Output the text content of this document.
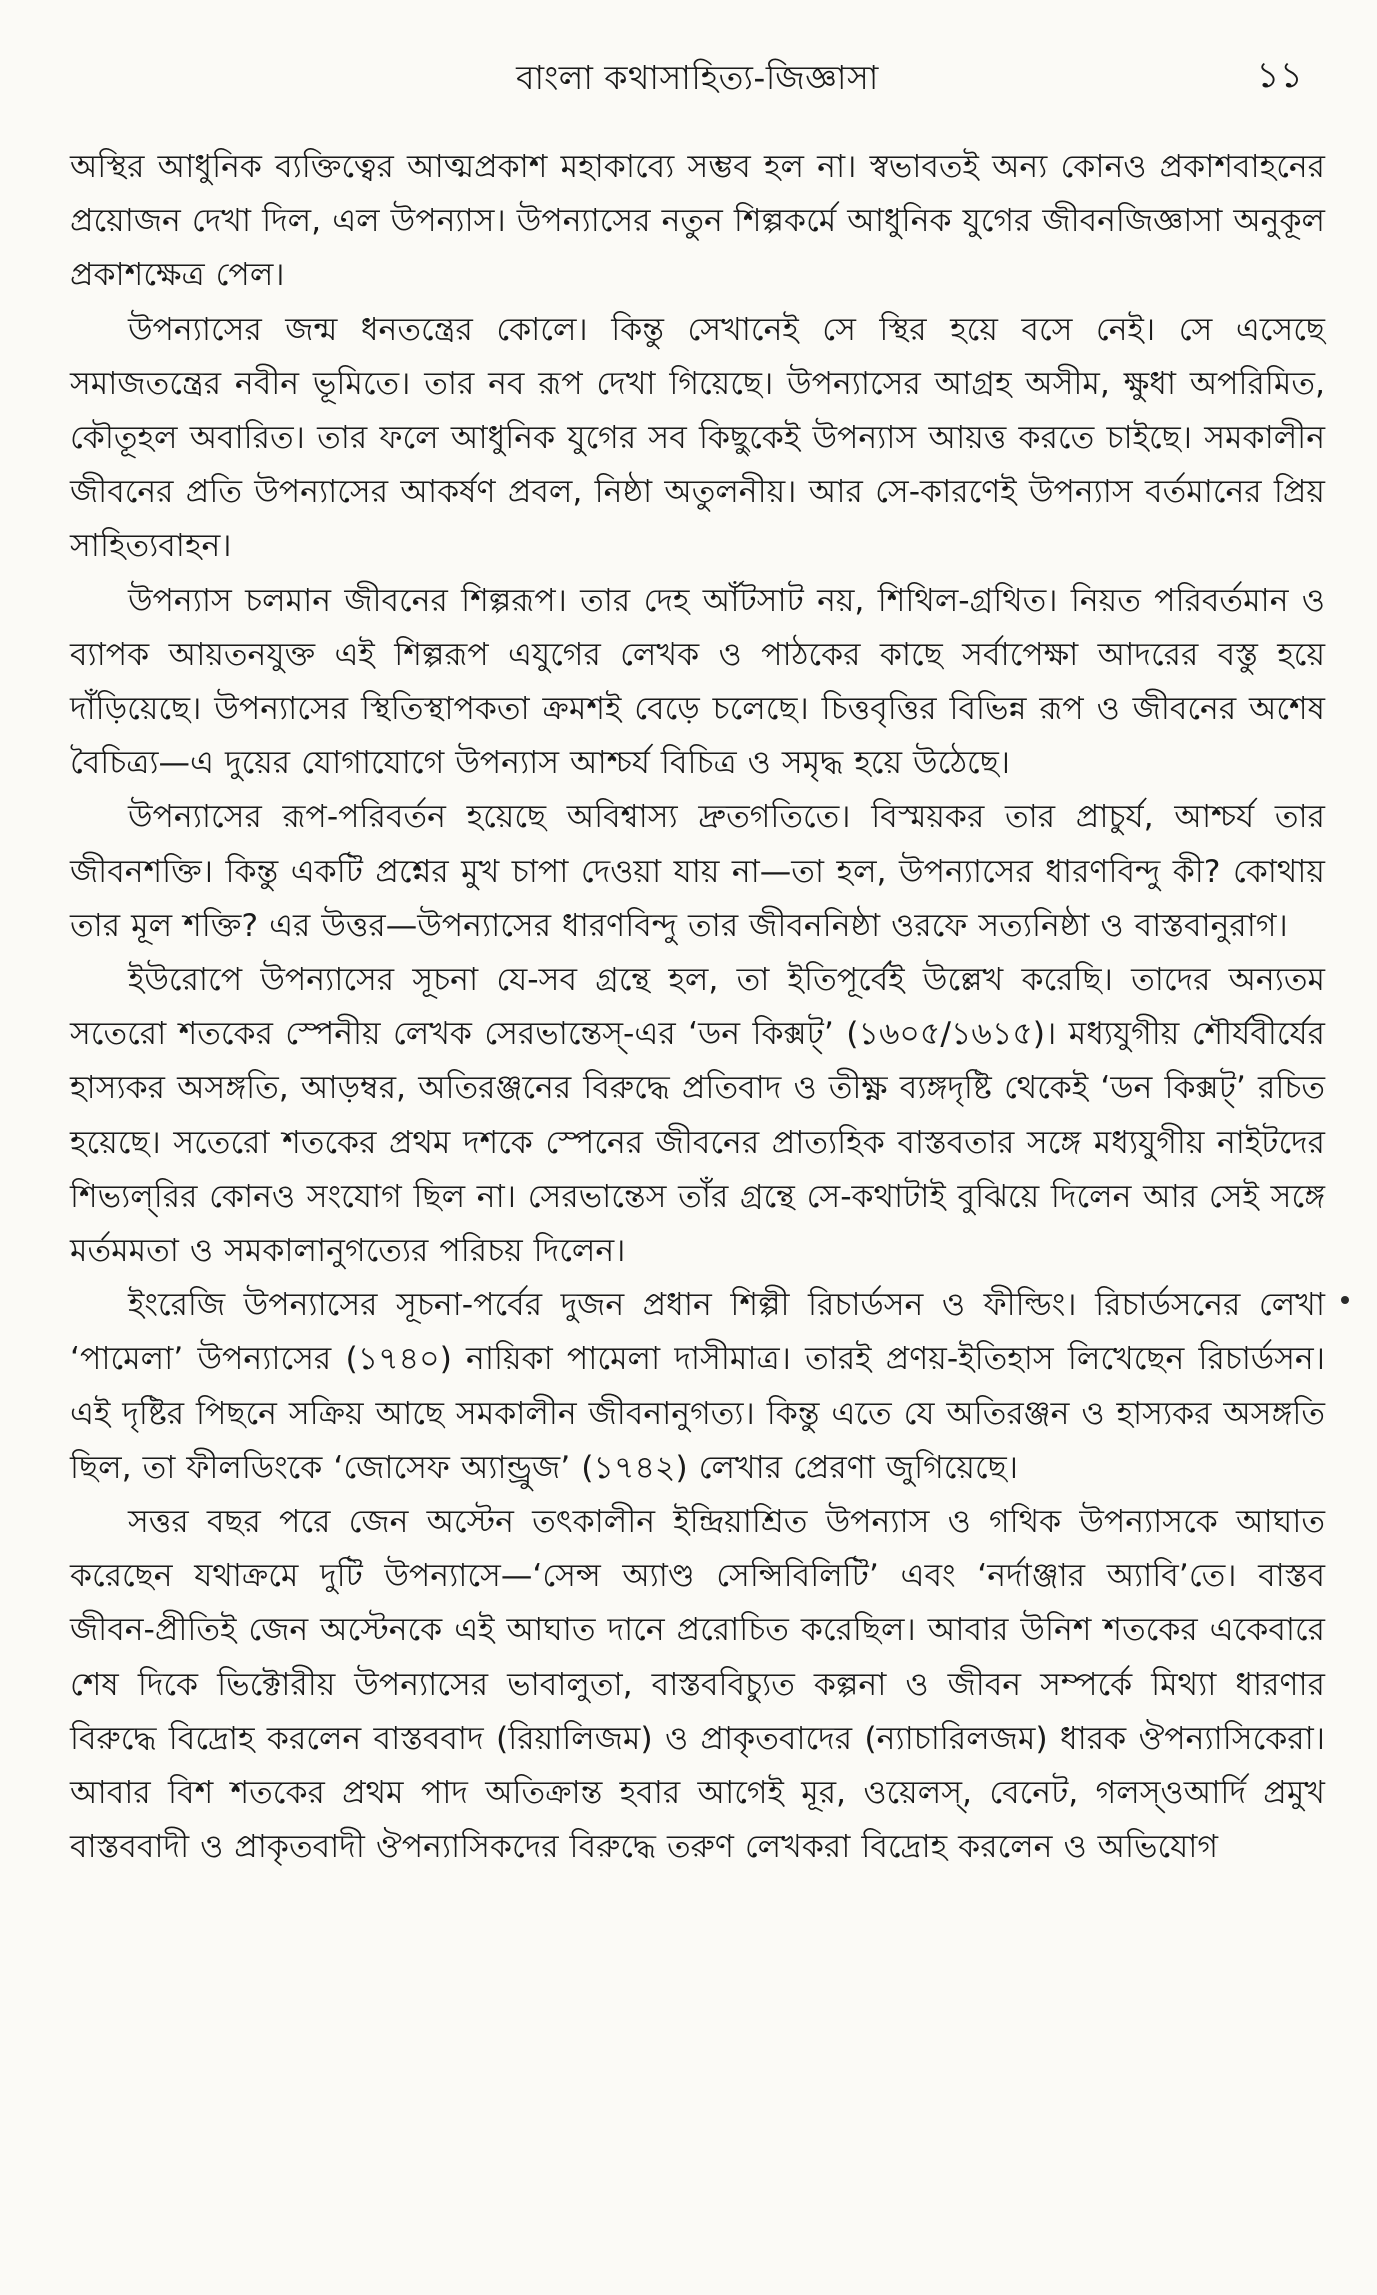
বাংলা কথাসাহিত্য-জিজ্ঞাসা	১১

অস্থির আধুনিক ব্যক্তিত্বের আত্মপ্রকাশ মহাকাব্যে সম্ভব হল না। স্বভাবতই অন্য কোনও প্রকাশবাহনের প্রয়োজন দেখা দিল, এল উপন্যাস। উপন্যাসের নতুন শিল্পকর্মে আধুনিক যুগের জীবনজিজ্ঞাসা অনুকূল প্রকাশক্ষেত্র পেল।

উপন্যাসের জন্ম ধনতন্ত্রের কোলে। কিন্তু সেখানেই সে স্থির হয়ে বসে নেই। সে এসেছে সমাজতন্ত্রের নবীন ভূমিতে। তার নব রূপ দেখা গিয়েছে। উপন্যাসের আগ্রহ অসীম, ক্ষুধা অপরিমিত, কৌতূহল অবারিত। তার ফলে আধুনিক যুগের সব কিছুকেই উপন্যাস আয়ত্ত করতে চাইছে। সমকালীন জীবনের প্রতি উপন্যাসের আকর্ষণ প্রবল, নিষ্ঠা অতুলনীয়। আর সে-কারণেই উপন্যাস বর্তমানের প্রিয় সাহিত্যবাহন।

উপন্যাস চলমান জীবনের শিল্পরূপ। তার দেহ আঁটসাট নয়, শিথিল-গ্রথিত। নিয়ত পরিবর্তমান ও ব্যাপক আয়তনযুক্ত এই শিল্পরূপ এযুগের লেখক ও পাঠকের কাছে সর্বাপেক্ষা আদরের বস্তু হয়ে দাঁড়িয়েছে। উপন্যাসের স্থিতিস্থাপকতা ক্রমশই বেড়ে চলেছে। চিত্তবৃত্তির বিভিন্ন রূপ ও জীবনের অশেষ বৈচিত্র্য—এ দুয়ের যোগাযোগে উপন্যাস আশ্চর্য বিচিত্র ও সমৃদ্ধ হয়ে উঠেছে।

উপন্যাসের রূপ-পরিবর্তন হয়েছে অবিশ্বাস্য দ্রুতগতিতে। বিস্ময়কর তার প্রাচুর্য, আশ্চর্য তার জীবনশক্তি। কিন্তু একটি প্রশ্নের মুখ চাপা দেওয়া যায় না—তা হল, উপন্যাসের ধারণবিন্দু কী? কোথায় তার মূল শক্তি? এর উত্তর—উপন্যাসের ধারণবিন্দু তার জীবননিষ্ঠা ওরফে সত্যনিষ্ঠা ও বাস্তবানুরাগ।

ইউরোপে উপন্যাসের সূচনা যে-সব গ্রন্থে হল, তা ইতিপূর্বেই উল্লেখ করেছি। তাদের অন্যতম সতেরো শতকের স্পেনীয় লেখক সেরভান্তেস্-এর ‘ডন কিক্সট্’ (১৬০৫/১৬১৫)। মধ্যযুগীয় শৌর্যবীর্যের হাস্যকর অসঙ্গতি, আড়ম্বর, অতিরঞ্জনের বিরুদ্ধে প্রতিবাদ ও তীক্ষ্ণ ব্যঙ্গদৃষ্টি থেকেই ‘ডন কিক্সট্’ রচিত হয়েছে। সতেরো শতকের প্রথম দশকে স্পেনের জীবনের প্রাত্যহিক বাস্তবতার সঙ্গে মধ্যযুগীয় নাইটদের শিভ্যল্‌রির কোনও সংযোগ ছিল না। সেরভান্তেস তাঁর গ্রন্থে সে-কথাটাই বুঝিয়ে দিলেন আর সেই সঙ্গে মর্তমমতা ও সমকালানুগত্যের পরিচয় দিলেন।

ইংরেজি উপন্যাসের সূচনা-পর্বের দুজন প্রধান শিল্পী রিচার্ডসন ও ফীল্ডিং। রিচার্ডসনের লেখা ‘পামেলা’ উপন্যাসের (১৭৪০) নায়িকা পামেলা দাসীমাত্র। তারই প্রণয়-ইতিহাস লিখেছেন রিচার্ডসন। এই দৃষ্টির পিছনে সক্রিয় আছে সমকালীন জীবনানুগত্য। কিন্তু এতে যে অতিরঞ্জন ও হাস্যকর অসঙ্গতি ছিল, তা ফীলডিংকে ‘জোসেফ অ্যান্ড্রুজ’ (১৭৪২) লেখার প্রেরণা জুগিয়েছে।

সত্তর বছর পরে জেন অস্টেন তৎকালীন ইন্দ্রিয়াশ্রিত উপন্যাস ও গথিক উপন্যাসকে আঘাত করেছেন যথাক্রমে দুটি উপন্যাসে—‘সেন্স অ্যাণ্ড সেন্সিবিলিটি’ এবং ‘নর্দাঞ্জার অ্যাবি’তে। বাস্তব জীবন-প্রীতিই জেন অস্টেনকে এই আঘাত দানে প্ররোচিত করেছিল। আবার উনিশ শতকের একেবারে শেষ দিকে ভিক্টোরীয় উপন্যাসের ভাবালুতা, বাস্তববিচ্যুত কল্পনা ও জীবন সম্পর্কে মিথ্যা ধারণার বিরুদ্ধে বিদ্রোহ করলেন বাস্তববাদ (রিয়ালিজম) ও প্রাকৃতবাদের (ন্যাচারিলজম) ধারক ঔপন্যাসিকেরা। আবার বিশ শতকের প্রথম পাদ অতিক্রান্ত হবার আগেই মূর, ওয়েলস্, বেনেট, গলস্‌ওআর্দি প্রমুখ বাস্তববাদী ও প্রাকৃতবাদী ঔপন্যাসিকদের বিরুদ্ধে তরুণ লেখকরা বিদ্রোহ করলেন ও অভিযোগ
